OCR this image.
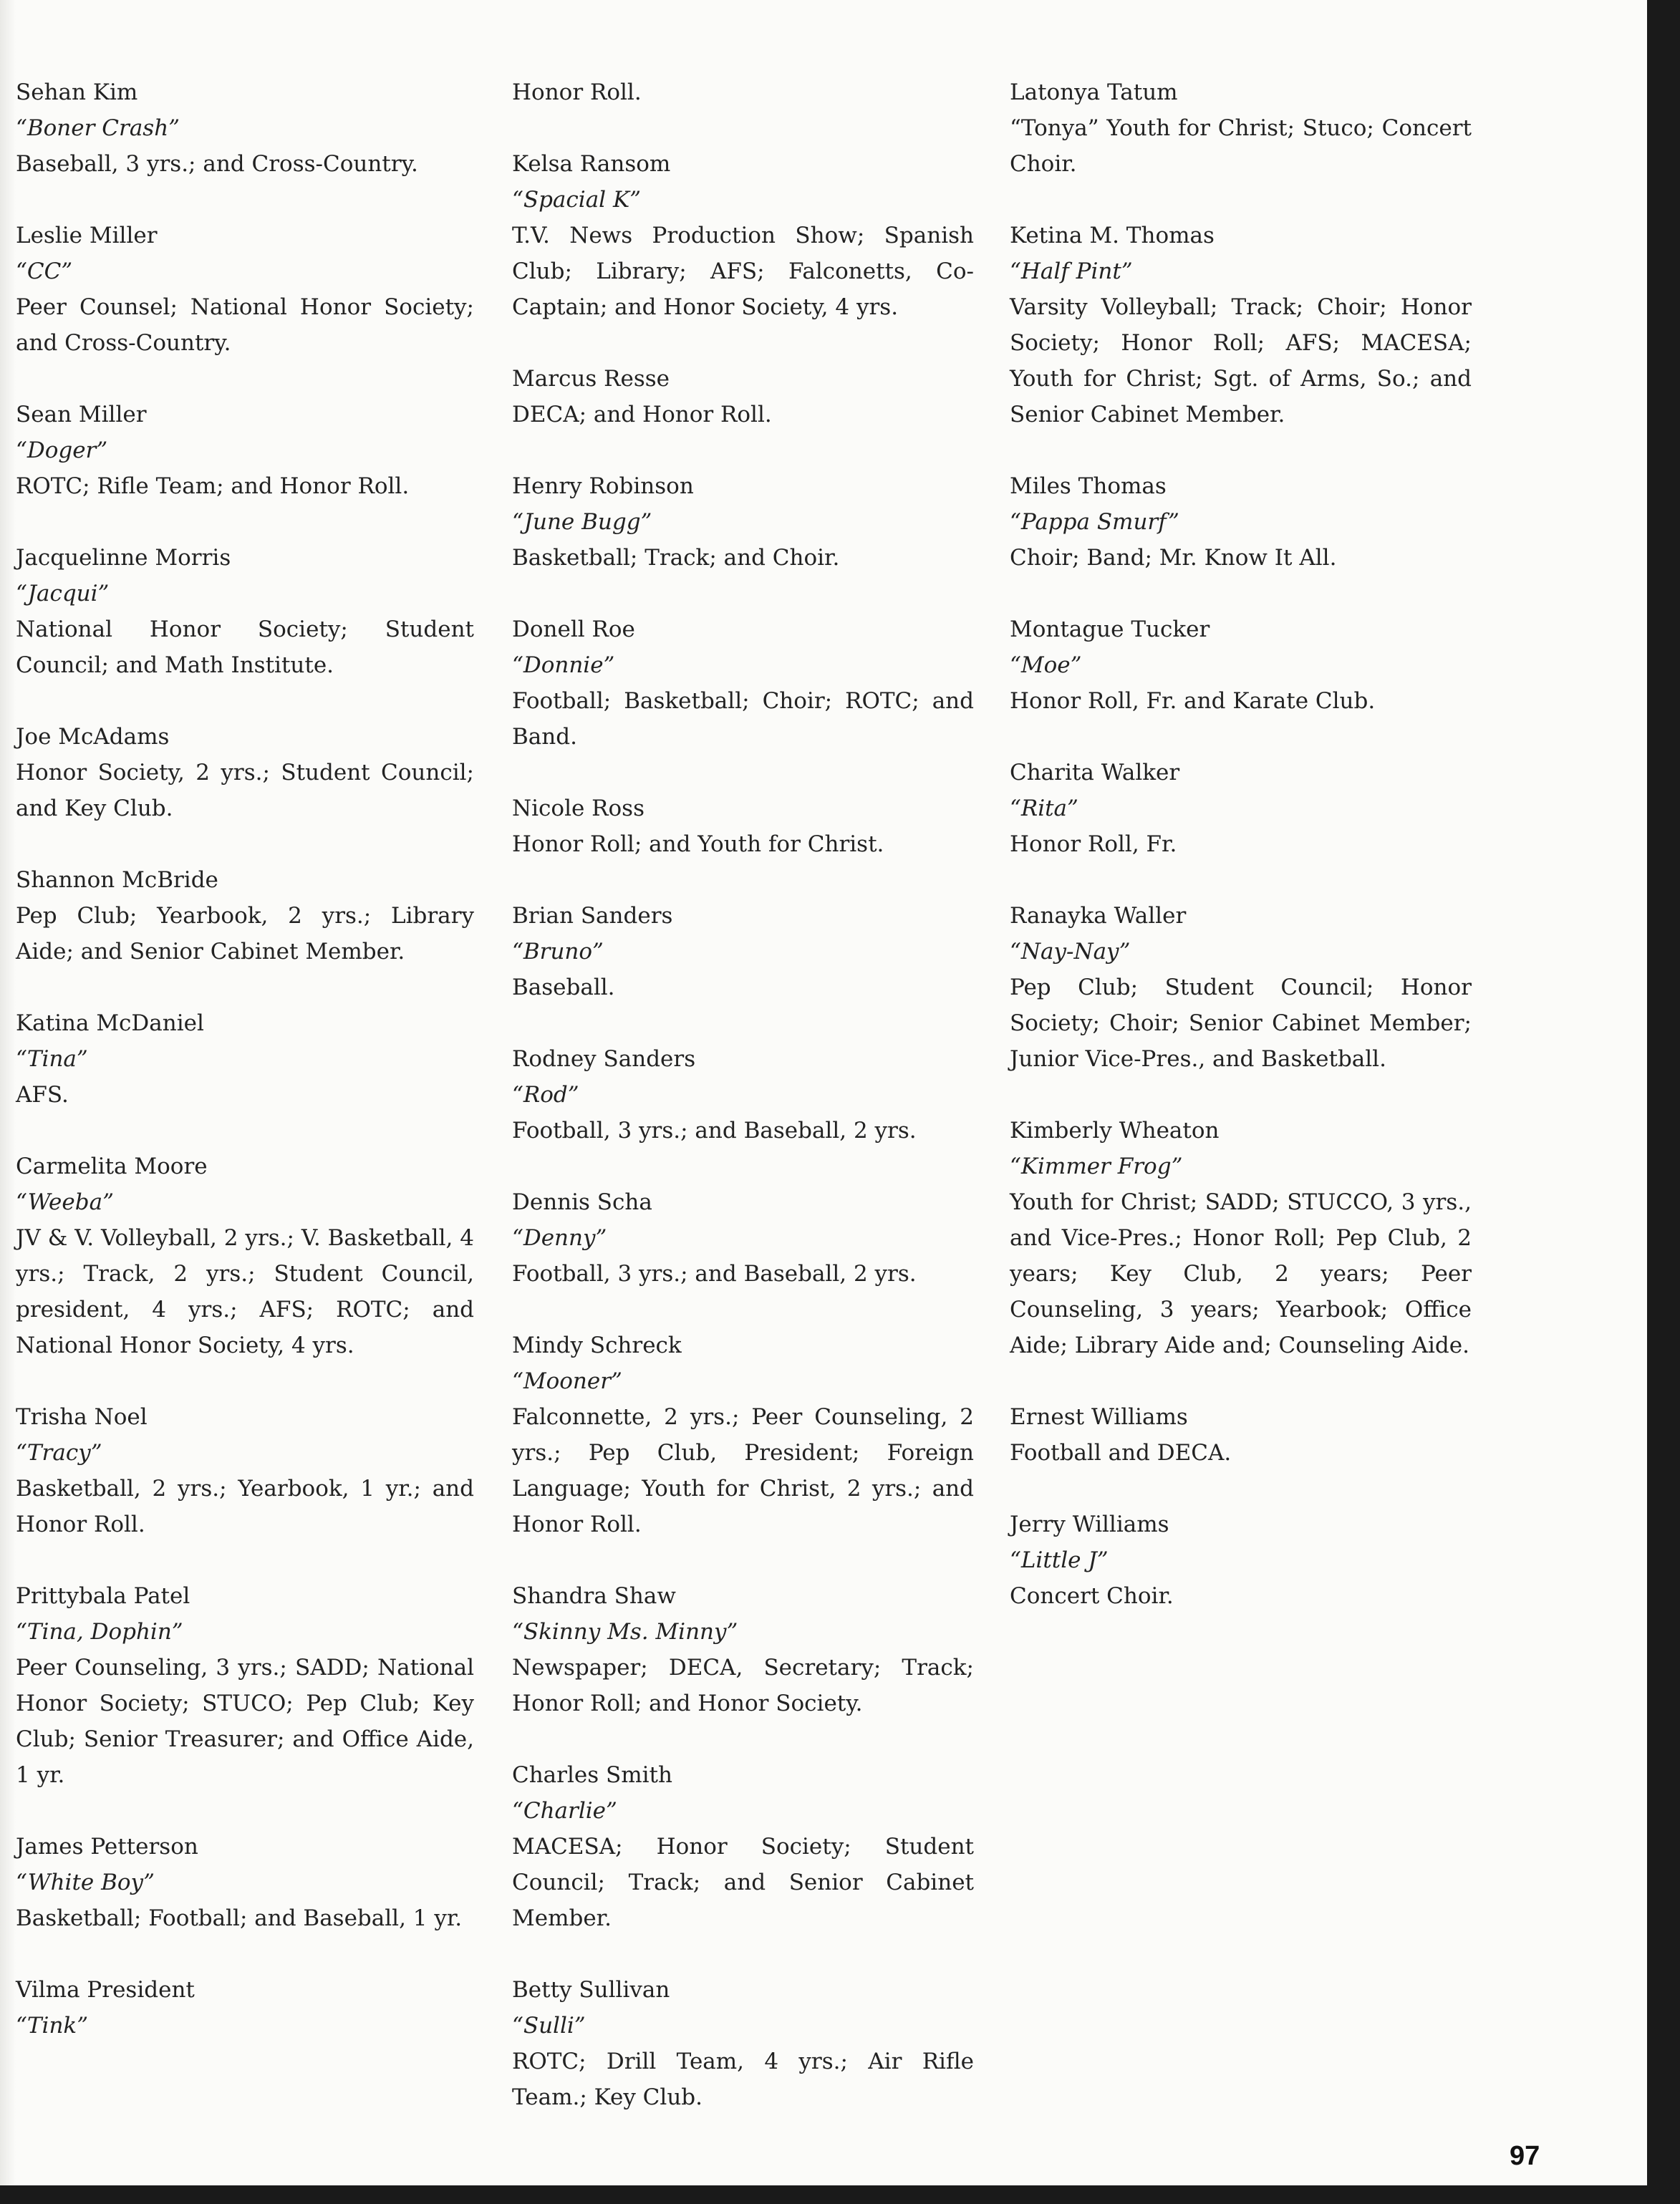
Sehan Kim
“Boner Crash”
Baseball, 3 yrs.; and Cross-Country.
Leslie Miller
“CC”
Peer Counsel; National Honor Society; and Cross-Country.
Sean Miller
“Doger”
ROTC; Rifle Team; and Honor Roll.
Jacquelinne Morris
“Jacqui”
National Honor Society; Student Council; and Math Institute.
Joe McAdams
Honor Society, 2 yrs.; Student Council; and Key Club.
Shannon McBride
Pep Club; Yearbook, 2 yrs.; Library Aide; and Senior Cabinet Member.
Katina McDaniel
“Tina”
AFS.
Carmelita Moore
“Weeba”
JV & V. Volleyball, 2 yrs.; V. Basketball, 4 yrs.; Track, 2 yrs.; Student Council, president, 4 yrs.; AFS; ROTC; and National Honor Society, 4 yrs.
Trisha Noel
“Tracy”
Basketball, 2 yrs.; Yearbook, 1 yr.; and Honor Roll.
Prittybala Patel
“Tina, Dophin”
Peer Counseling, 3 yrs.; SADD; National Honor Society; STUCO; Pep Club; Key Club; Senior Treasurer; and Office Aide, 1 yr.
James Petterson
“White Boy”
Basketball; Football; and Baseball, 1 yr.
Vilma President
“Tink”
Honor Roll.
Kelsa Ransom
“Spacial K”
T.V. News Production Show; Spanish Club; Library; AFS; Falconetts, Co-Captain; and Honor Society, 4 yrs.
Marcus Resse
DECA; and Honor Roll.
Henry Robinson
“June Bugg”
Basketball; Track; and Choir.
Donell Roe
“Donnie”
Football; Basketball; Choir; ROTC; and Band.
Nicole Ross
Honor Roll; and Youth for Christ.
Brian Sanders
“Bruno”
Baseball.
Rodney Sanders
“Rod”
Football, 3 yrs.; and Baseball, 2 yrs.
Dennis Scha
“Denny”
Football, 3 yrs.; and Baseball, 2 yrs.
Mindy Schreck
“Mooner”
Falconnette, 2 yrs.; Peer Counseling, 2 yrs.; Pep Club, President; Foreign Language; Youth for Christ, 2 yrs.; and Honor Roll.
Shandra Shaw
“Skinny Ms. Minny”
Newspaper; DECA, Secretary; Track; Honor Roll; and Honor Society.
Charles Smith
“Charlie”
MACESA; Honor Society; Student Council; Track; and Senior Cabinet Member.
Betty Sullivan
“Sulli”
ROTC; Drill Team, 4 yrs.; Air Rifle Team.; Key Club.
Latonya Tatum
“Tonya” Youth for Christ; Stuco; Concert Choir.
Ketina M. Thomas
“Half Pint”
Varsity Volleyball; Track; Choir; Honor Society; Honor Roll; AFS; MACESA; Youth for Christ; Sgt. of Arms, So.; and Senior Cabinet Member.
Miles Thomas
“Pappa Smurf”
Choir; Band; Mr. Know It All.
Montague Tucker
“Moe”
Honor Roll, Fr. and Karate Club.
Charita Walker
“Rita”
Honor Roll, Fr.
Ranayka Waller
“Nay-Nay”
Pep Club; Student Council; Honor Society; Choir; Senior Cabinet Member; Junior Vice-Pres., and Basketball.
Kimberly Wheaton
“Kimmer Frog”
Youth for Christ; SADD; STUCCO, 3 yrs., and Vice-Pres.; Honor Roll; Pep Club, 2 years; Key Club, 2 years; Peer Counseling, 3 years; Yearbook; Office Aide; Library Aide and; Counseling Aide.
Ernest Williams
Football and DECA.
Jerry Williams
“Little J”
Concert Choir.
97
